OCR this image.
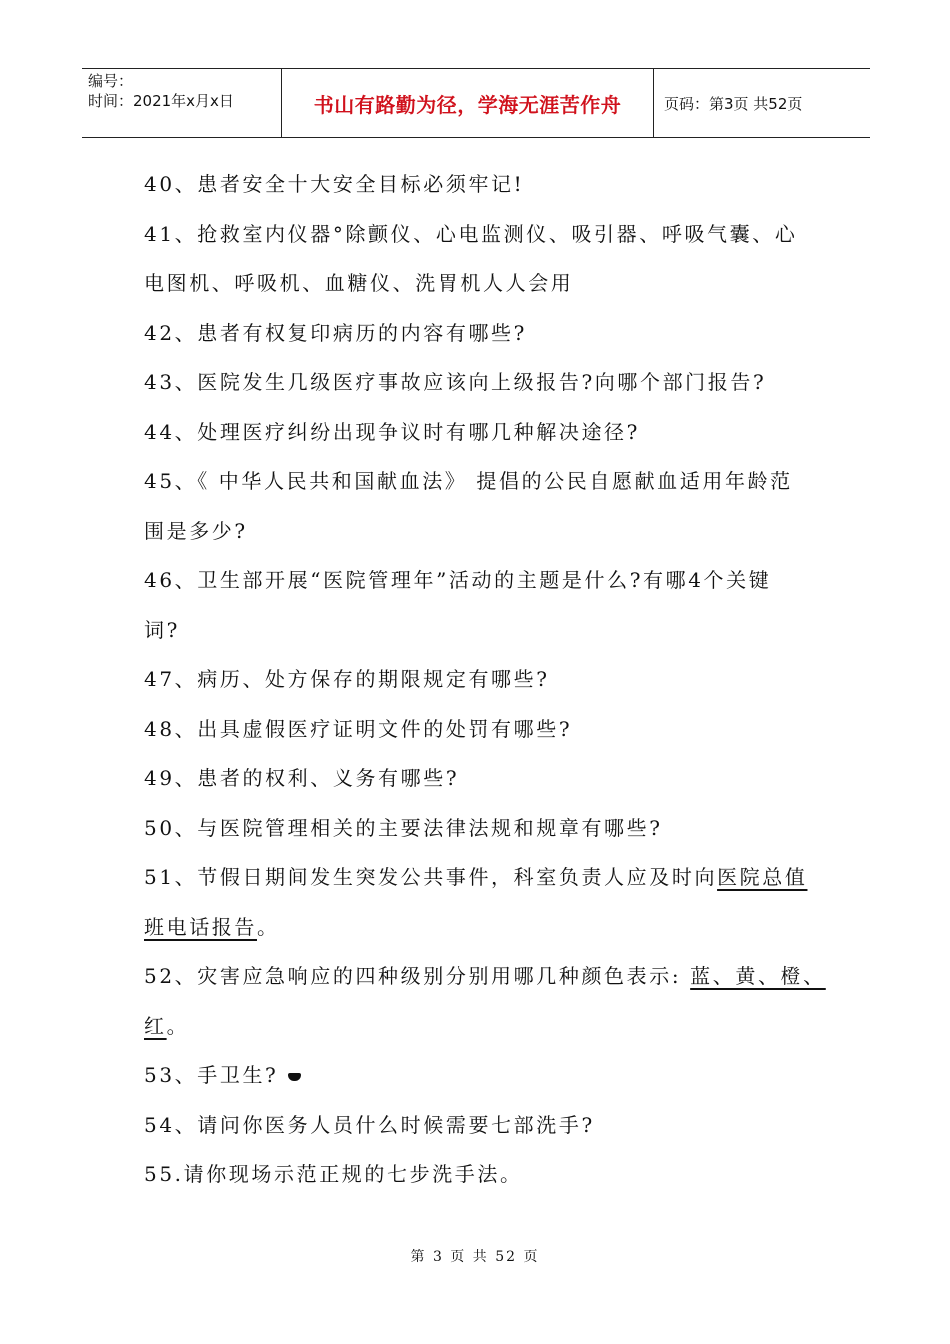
编号：
时间：2021年x月x日	书山有路勤为径，学海无涯苦作舟	页码：第3页 共52页
40、患者安全十大安全目标必须牢记!
41、抢救室内仪器°除颤仪、心电监测仪、吸引器、呼吸气囊、心
电图机、呼吸机、血糖仪、洗胃机人人会用
42、患者有权复印病历的内容有哪些?
43、医院发生几级医疗事故应该向上级报告?向哪个部门报告?
44、处理医疗纠纷出现争议时有哪几种解决途径?
45、《 中华人民共和国献血法》 提倡的公民自愿献血适用年龄范
围是多少?
46、卫生部开展“医院管理年”活动的主题是什么?有哪4个关键
词?
47、病历、处方保存的期限规定有哪些?
48、出具虚假医疗证明文件的处罚有哪些?
49、患者的权利、义务有哪些?
50、与医院管理相关的主要法律法规和规章有哪些?
51、节假日期间发生突发公共事件，科室负责人应及时向医院总值
班电话报告。
52、灾害应急响应的四种级别分别用哪几种颜色表示: 蓝、黄、橙、
红。
53、手卫生?
54、请问你医务人员什么时候需要七部洗手?
55.请你现场示范正规的七步洗手法。
第 3 页 共 52 页
